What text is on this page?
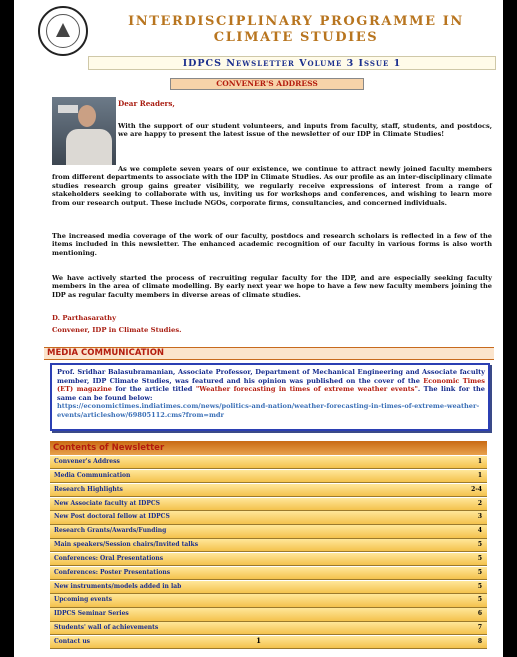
INTERDISCIPLINARY PROGRAMME IN
CLIMATE STUDIES
IDPCS Newsletter Volume 3 Issue 1
CONVENER'S ADDRESS
Dear Readers,
With the support of our student volunteers, and inputs from faculty, staff, students, and postdocs, we are happy to present the latest issue of the newsletter of our IDP in Climate Studies!
As we complete seven years of our existence, we continue to attract newly joined faculty members from different departments to associate with the IDP in Climate Studies. As our profile as an inter-disciplinary climate studies research group gains greater visibility, we regularly receive expressions of interest from a range of stakeholders seeking to collaborate with us, inviting us for workshops and conferences, and wishing to learn more from our research output. These include NGOs, corporate firms, consultancies, and concerned individuals.
The increased media coverage of the work of our faculty, postdocs and research scholars is reflected in a few of the items included in this newsletter. The enhanced academic recognition of our faculty in various forms is also worth mentioning.
We have actively started the process of recruiting regular faculty for the IDP, and are especially seeking faculty members in the area of climate modelling. By early next year we hope to have a few new faculty members joining the IDP as regular faculty members in diverse areas of climate studies.
D. Parthasarathy
Convener, IDP in Climate Studies.
MEDIA COMMUNICATION
Prof. Sridhar Balasubramanian, Associate Professor, Department of Mechanical Engineering and Associate faculty member, IDP Climate Studies, was featured and his opinion was published on the cover of the Economic Times (ET) magazine for the article titled "Weather forecasting in times of extreme weather events". The link for the same can be found below:
https://economictimes.indiatimes.com/news/politics-and-nation/weather-forecasting-in-times-of-extreme-weather-events/articleshow/69805112.cms?from=mdr
Contents of Newsletter
Convener's Address	1
Media Communication	1
Research Highlights	2-4
New Associate faculty at IDPCS	2
New Post doctoral fellow at IDPCS	3
Research Grants/Awards/Funding	4
Main speakers/Session chairs/Invited talks	5
Conferences: Oral Presentations	5
Conferences: Poster Presentations	5
New instruments/models added in lab	5
Upcoming events	5
IDPCS Seminar Series	6
Students' wall of achievements	7
Contact us	8
1
